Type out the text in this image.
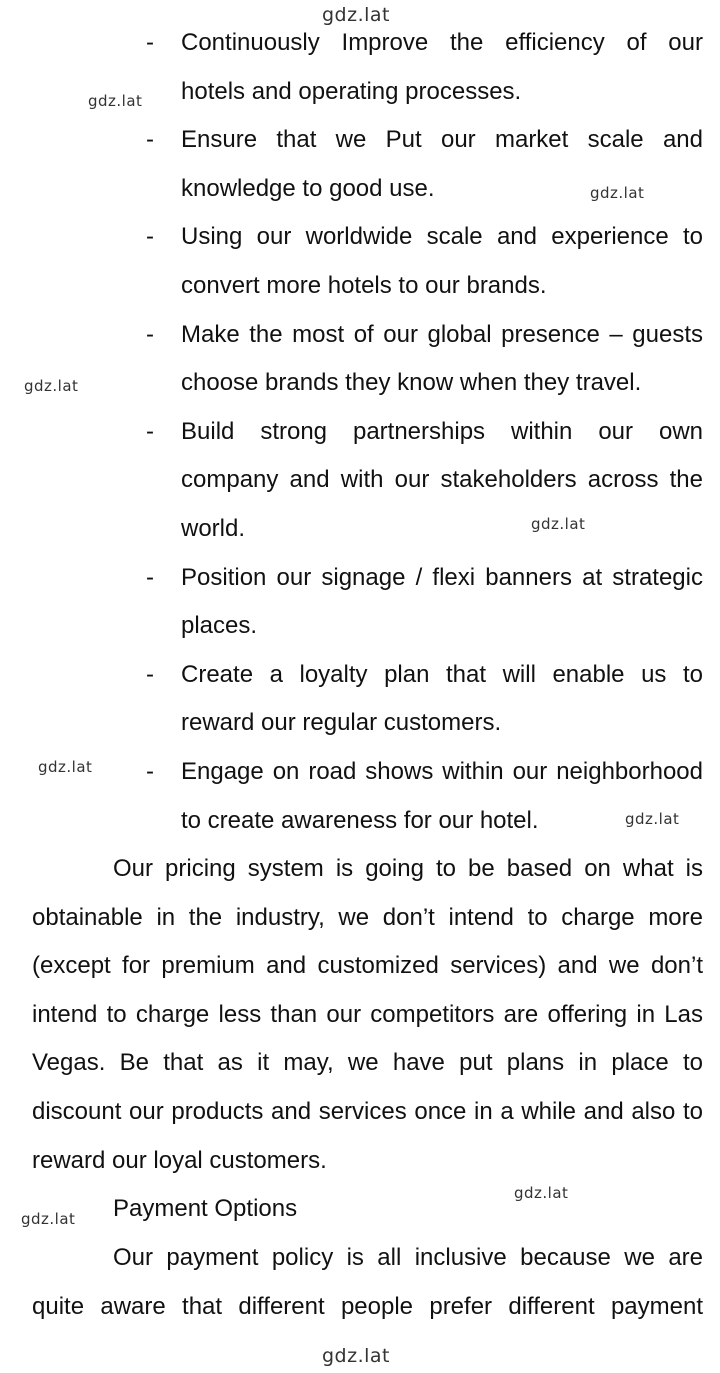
- Continuously Improve the efficiency of our
hotels and operating processes.
- Ensure that we Put our market scale and
knowledge to good use.
- Using our worldwide scale and experience to
convert more hotels to our brands.
- Make the most of our global presence – guests
choose brands they know when they travel.
- Build strong partnerships within our own
company and with our stakeholders across the
world.
- Position our signage / flexi banners at strategic
places.
- Create a loyalty plan that will enable us to
reward our regular customers.
- Engage on road shows within our neighborhood
to create awareness for our hotel.
Our pricing system is going to be based on what is
obtainable in the industry, we don’t intend to charge more
(except for premium and customized services) and we don’t
intend to charge less than our competitors are offering in Las
Vegas. Be that as it may, we have put plans in place to
discount our products and services once in a while and also to
reward our loyal customers.
Payment Options
Our payment policy is all inclusive because we are
quite aware that different people prefer different payment
gdz.lat
gdz.lat
gdz.lat
gdz.lat
gdz.lat
gdz.lat
gdz.lat
gdz.lat
gdz.lat
gdz.lat
